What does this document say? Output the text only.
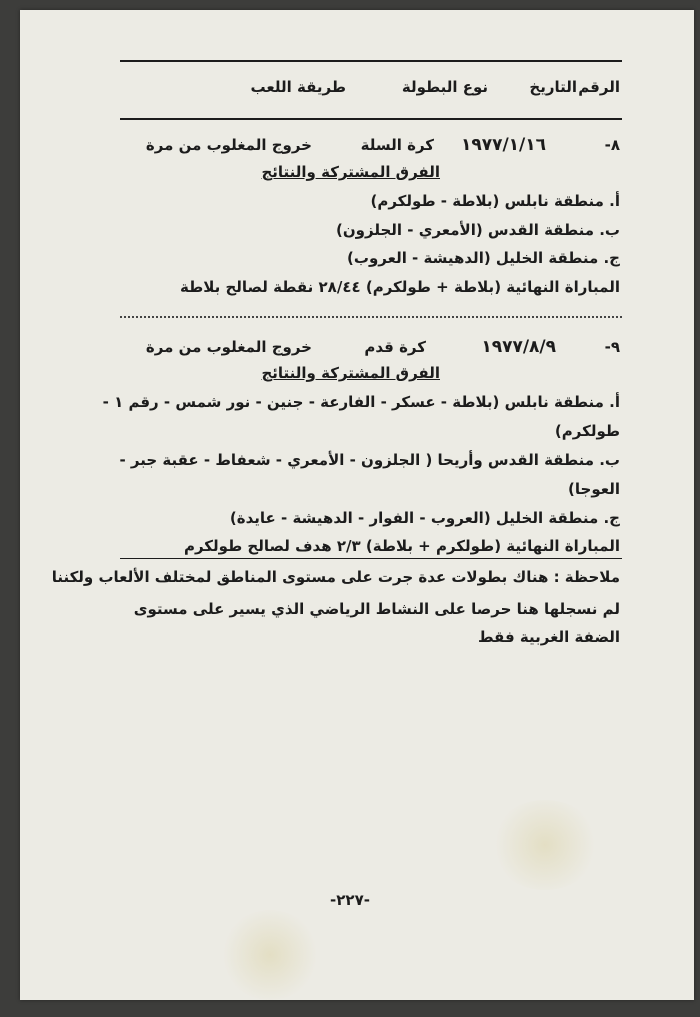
الرقم
التاريخ
نوع البطولة
طريقة اللعب
-٨
١٩٧٧/١/١٦
كرة السلة
خروج المغلوب من مرة
الفرق المشتركة والنتائج
أ. منطقة نابلس (بلاطة - طولكرم)
ب. منطقة القدس (الأمعري - الجلزون)
ج. منطقة الخليل (الدهيشة - العروب)
المباراة النهائية (بلاطة + طولكرم) ٢٨/٤٤ نقطة لصالح بلاطة
-٩
١٩٧٧/٨/٩
كرة قدم
خروج المغلوب من مرة
الفرق المشتركة والنتائج
أ. منطقة نابلس (بلاطة - عسكر - الفارعة - جنين - نور شمس - رقم ١ -
طولكرم)
ب. منطقة القدس وأريحا ( الجلزون - الأمعري - شعفاط - عقبة جبر -
العوجا)
ج. منطقة الخليل (العروب - الفوار - الدهيشة - عايدة)
المباراة النهائية (طولكرم + بلاطة) ٢/٣ هدف لصالح طولكرم
ملاحظة : هناك بطولات عدة جرت على مستوى المناطق لمختلف الألعاب ولكننا
لم نسجلها هنا حرصا على النشاط الرياضي الذي يسير على مستوى
الضفة الغربية فقط
-٢٢٧-
